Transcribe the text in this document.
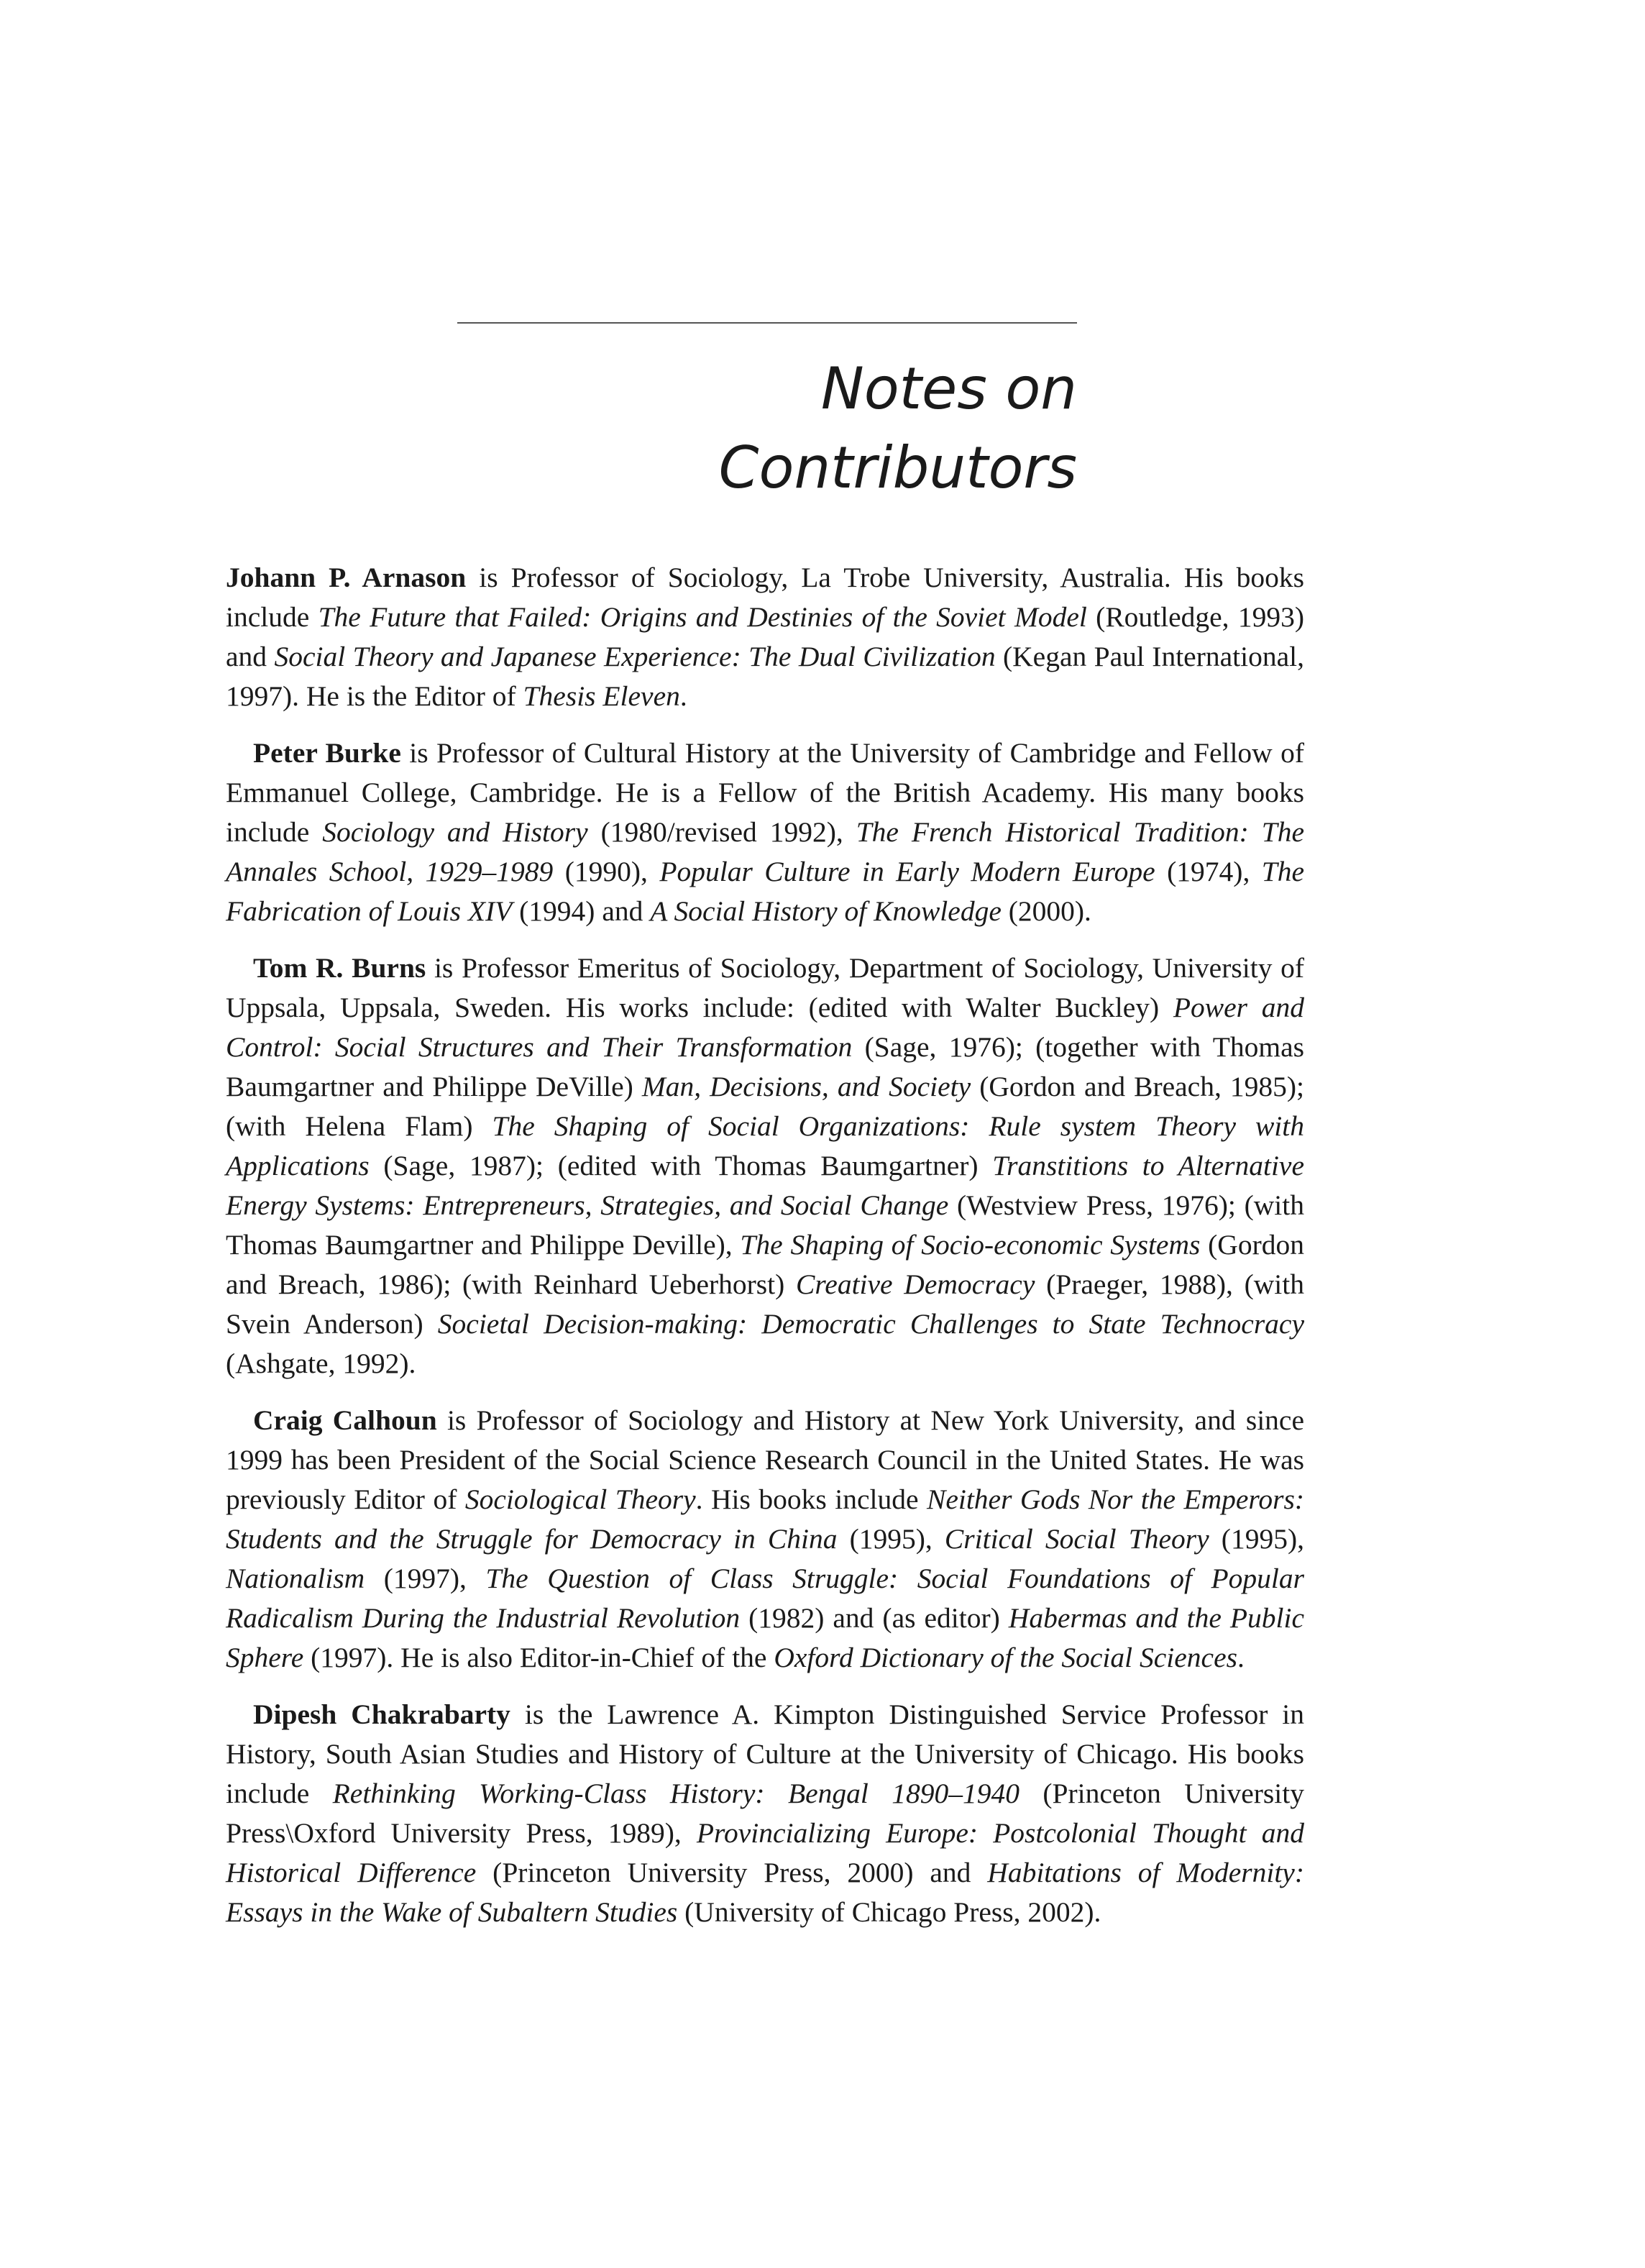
Notes on Contributors

Johann P. Arnason is Professor of Sociology, La Trobe University, Australia. His books include The Future that Failed: Origins and Destinies of the Soviet Model (Routledge, 1993) and Social Theory and Japanese Experience: The Dual Civilization (Kegan Paul International, 1997). He is the Editor of Thesis Eleven.

Peter Burke is Professor of Cultural History at the University of Cambridge and Fellow of Emmanuel College, Cambridge. He is a Fellow of the British Academy. His many books include Sociology and History (1980/revised 1992), The French Historical Tradition: The Annales School, 1929–1989 (1990), Popular Culture in Early Modern Europe (1974), The Fabrication of Louis XIV (1994) and A Social History of Knowledge (2000).

Tom R. Burns is Professor Emeritus of Sociology, Department of Sociology, University of Uppsala, Uppsala, Sweden. His works include: (edited with Walter Buckley) Power and Control: Social Structures and Their Transformation (Sage, 1976); (together with Thomas Baumgartner and Philippe DeVille) Man, Decisions, and Society (Gordon and Breach, 1985); (with Helena Flam) The Shaping of Social Organizations: Rule system Theory with Applications (Sage, 1987); (edited with Thomas Baumgartner) Transtitions to Alternative Energy Systems: Entrepreneurs, Strategies, and Social Change (Westview Press, 1976); (with Thomas Baumgartner and Philippe Deville), The Shaping of Socio-economic Systems (Gordon and Breach, 1986); (with Reinhard Ueberhorst) Creative Democracy (Praeger, 1988), (with Svein Anderson) Societal Decision-making: Democratic Challenges to State Technocracy (Ashgate, 1992).

Craig Calhoun is Professor of Sociology and History at New York University, and since 1999 has been President of the Social Science Research Council in the United States. He was previously Editor of Sociological Theory. His books include Neither Gods Nor the Emperors: Students and the Struggle for Democracy in China (1995), Critical Social Theory (1995), Nationalism (1997), The Question of Class Struggle: Social Foundations of Popular Radicalism During the Industrial Revolution (1982) and (as editor) Habermas and the Public Sphere (1997). He is also Editor-in-Chief of the Oxford Dictionary of the Social Sciences.

Dipesh Chakrabarty is the Lawrence A. Kimpton Distinguished Service Professor in History, South Asian Studies and History of Culture at the University of Chicago. His books include Rethinking Working-Class History: Bengal 1890–1940 (Princeton University Press\Oxford University Press, 1989), Provincializing Europe: Postcolonial Thought and Historical Difference (Princeton University Press, 2000) and Habitations of Modernity: Essays in the Wake of Subaltern Studies (University of Chicago Press, 2002).
